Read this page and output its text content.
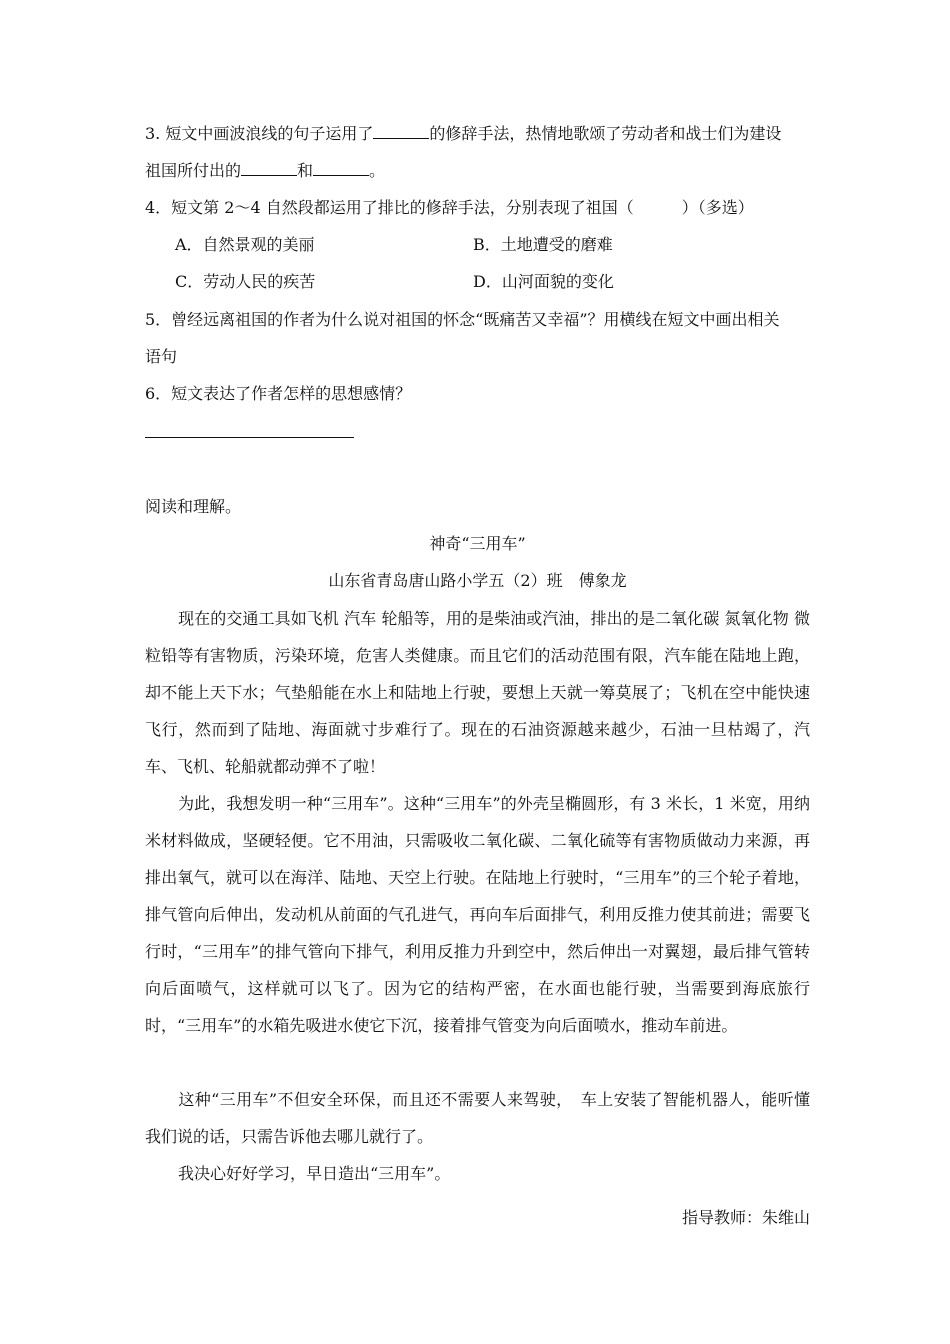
3. 短文中画波浪线的句子运用了	的修辞手法，热情地歌颂了劳动者和战士们为建设
祖国所付出的	和	。
4．短文第 2～4 自然段都运用了排比的修辞手法，分别表现了祖国（　　　）（多选）
A．自然景观的美丽	B．土地遭受的磨难
C．劳动人民的疾苦	D．山河面貌的变化
5．曾经远离祖国的作者为什么说对祖国的怀念“既痛苦又幸福”？用横线在短文中画出相关
语句
6．短文表达了作者怎样的思想感情？
阅读和理解。
神奇“三用车”
山东省青岛唐山路小学五（2）班　傅象龙
现在的交通工具如飞机 汽车 轮船等，用的是柴油或汽油，排出的是二氧化碳 氮氧化物 微粒铅等有害物质，污染环境，危害人类健康。而且它们的活动范围有限，汽车能在陆地上跑，却不能上天下水；气垫船能在水上和陆地上行驶，要想上天就一筹莫展了；飞机在空中能快速飞行，然而到了陆地、海面就寸步难行了。现在的石油资源越来越少，石油一旦枯竭了，汽车、飞机、轮船就都动弹不了啦！
为此，我想发明一种“三用车”。这种“三用车”的外壳呈椭圆形，有 3 米长，1 米宽，用纳米材料做成，坚硬轻便。它不用油，只需吸收二氧化碳、二氧化硫等有害物质做动力来源，再排出氧气，就可以在海洋、陆地、天空上行驶。在陆地上行驶时，“三用车”的三个轮子着地，排气管向后伸出，发动机从前面的气孔进气，再向车后面排气，利用反推力使其前进；需要飞行时，“三用车”的排气管向下排气，利用反推力升到空中，然后伸出一对翼翅，最后排气管转向后面喷气，这样就可以飞了。因为它的结构严密，在水面也能行驶，当需要到海底旅行时，“三用车”的水箱先吸进水使它下沉，接着排气管变为向后面喷水，推动车前进。
这种“三用车”不但安全环保，而且还不需要人来驾驶，　车上安装了智能机器人，能听懂我们说的话，只需告诉他去哪儿就行了。
我决心好好学习，早日造出“三用车”。
指导教师：朱维山
